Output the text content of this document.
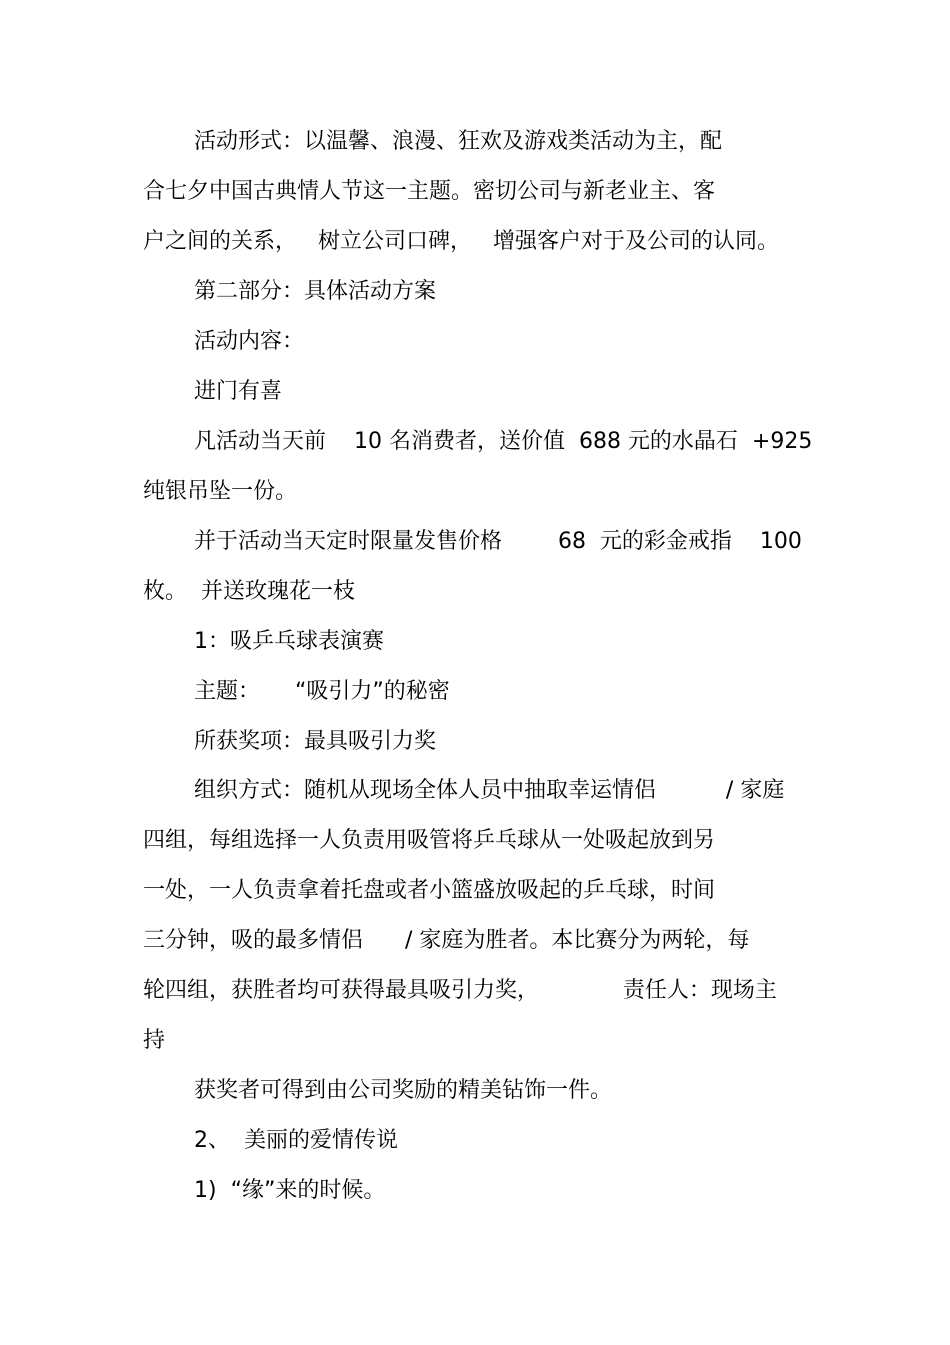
活动形式：以温馨、浪漫、狂欢及游戏类活动为主，配
合七夕中国古典情人节这一主题。密切公司与新老业主、客
户之间的关系，   树立公司口碑，   增强客户对于及公司的认同。
第二部分：具体活动方案
活动内容：
进门有喜
凡活动当天前    10 名消费者，送价值  688 元的水晶石  +925
纯银吊坠一份。
并于活动当天定时限量发售价格        68  元的彩金戒指    100
枚。  并送玫瑰花一枝
1：吸乒乓球表演赛
主题：     “吸引力”的秘密
所获奖项：最具吸引力奖
组织方式：随机从现场全体人员中抽取幸运情侣          / 家庭
四组，每组选择一人负责用吸管将乒乓球从一处吸起放到另
一处，一人负责拿着托盘或者小篮盛放吸起的乒乓球，时间
三分钟，吸的最多情侣      / 家庭为胜者。本比赛分为两轮，每
轮四组，获胜者均可获得最具吸引力奖，            责任人：现场主
持
获奖者可得到由公司奖励的精美钻饰一件。
2、  美丽的爱情传说
1)  “缘”来的时候。
